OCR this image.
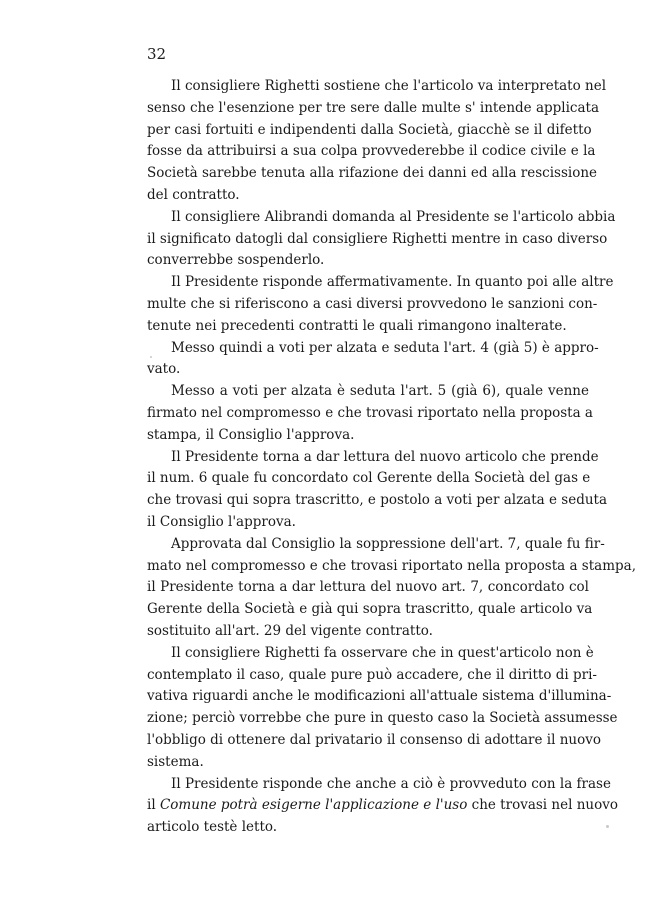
32

Il consigliere Righetti sostiene che l'articolo va interpretato nel
senso che l'esenzione per tre sere dalle multe s' intende applicata
per casi fortuiti e indipendenti dalla Società, giacchè se il difetto
fosse da attribuirsi a sua colpa provvederebbe il codice civile e la
Società sarebbe tenuta alla rifazione dei danni ed alla rescissione
del contratto.

Il consigliere Alibrandi domanda al Presidente se l'articolo abbia
il significato datogli dal consigliere Righetti mentre in caso diverso
converrebbe sospenderlo.

Il Presidente risponde affermativamente. In quanto poi alle altre
multe che si riferiscono a casi diversi provvedono le sanzioni con-
tenute nei precedenti contratti le quali rimangono inalterate.

Messo quindi a voti per alzata e seduta l'art. 4 (già 5) è appro-
vato.

Messo a voti per alzata è seduta l'art. 5 (già 6), quale venne
firmato nel compromesso e che trovasi riportato nella proposta a
stampa, il Consiglio l'approva.

Il Presidente torna a dar lettura del nuovo articolo che prende
il num. 6 quale fu concordato col Gerente della Società del gas e
che trovasi qui sopra trascritto, e postolo a voti per alzata e seduta
il Consiglio l'approva.

Approvata dal Consiglio la soppressione dell'art. 7, quale fu fir-
mato nel compromesso e che trovasi riportato nella proposta a stampa,
il Presidente torna a dar lettura del nuovo art. 7, concordato col
Gerente della Società e già qui sopra trascritto, quale articolo va
sostituito all'art. 29 del vigente contratto.

Il consigliere Righetti fa osservare che in quest'articolo non è
contemplato il caso, quale pure può accadere, che il diritto di pri-
vativa riguardi anche le modificazioni all'attuale sistema d'illumina-
zione; perciò vorrebbe che pure in questo caso la Società assumesse
l'obbligo di ottenere dal privatario il consenso di adottare il nuovo
sistema.

Il Presidente risponde che anche a ciò è provveduto con la frase
il Comune potrà esigerne l'applicazione e l'uso che trovasi nel nuovo
articolo testè letto.
